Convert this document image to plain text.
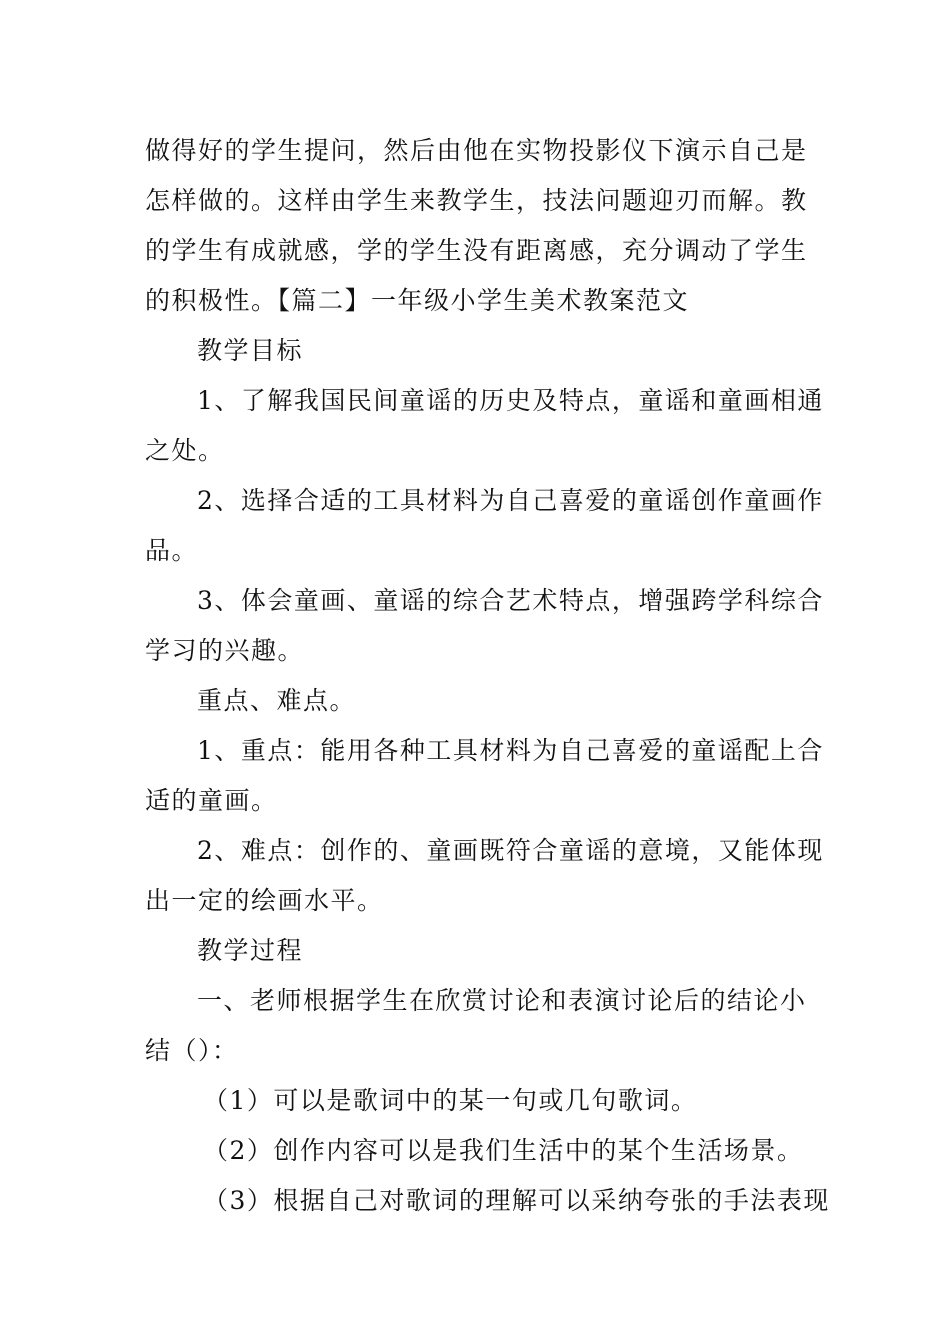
做得好的学生提问，然后由他在实物投影仪下演示自己是
怎样做的。这样由学生来教学生，技法问题迎刃而解。教
的学生有成就感，学的学生没有距离感，充分调动了学生
的积极性。【篇二】一年级小学生美术教案范文
教学目标
1、了解我国民间童谣的历史及特点，童谣和童画相通
之处。
2、选择合适的工具材料为自己喜爱的童谣创作童画作
品。
3、体会童画、童谣的综合艺术特点，增强跨学科综合
学习的兴趣。
重点、难点。
1、重点：能用各种工具材料为自己喜爱的童谣配上合
适的童画。
2、难点：创作的、童画既符合童谣的意境，又能体现
出一定的绘画水平。
教学过程
一、老师根据学生在欣赏讨论和表演讨论后的结论小
结（）：
（1）可以是歌词中的某一句或几句歌词。
（2）创作内容可以是我们生活中的某个生活场景。
（3）根据自己对歌词的理解可以采纳夸张的手法表现
